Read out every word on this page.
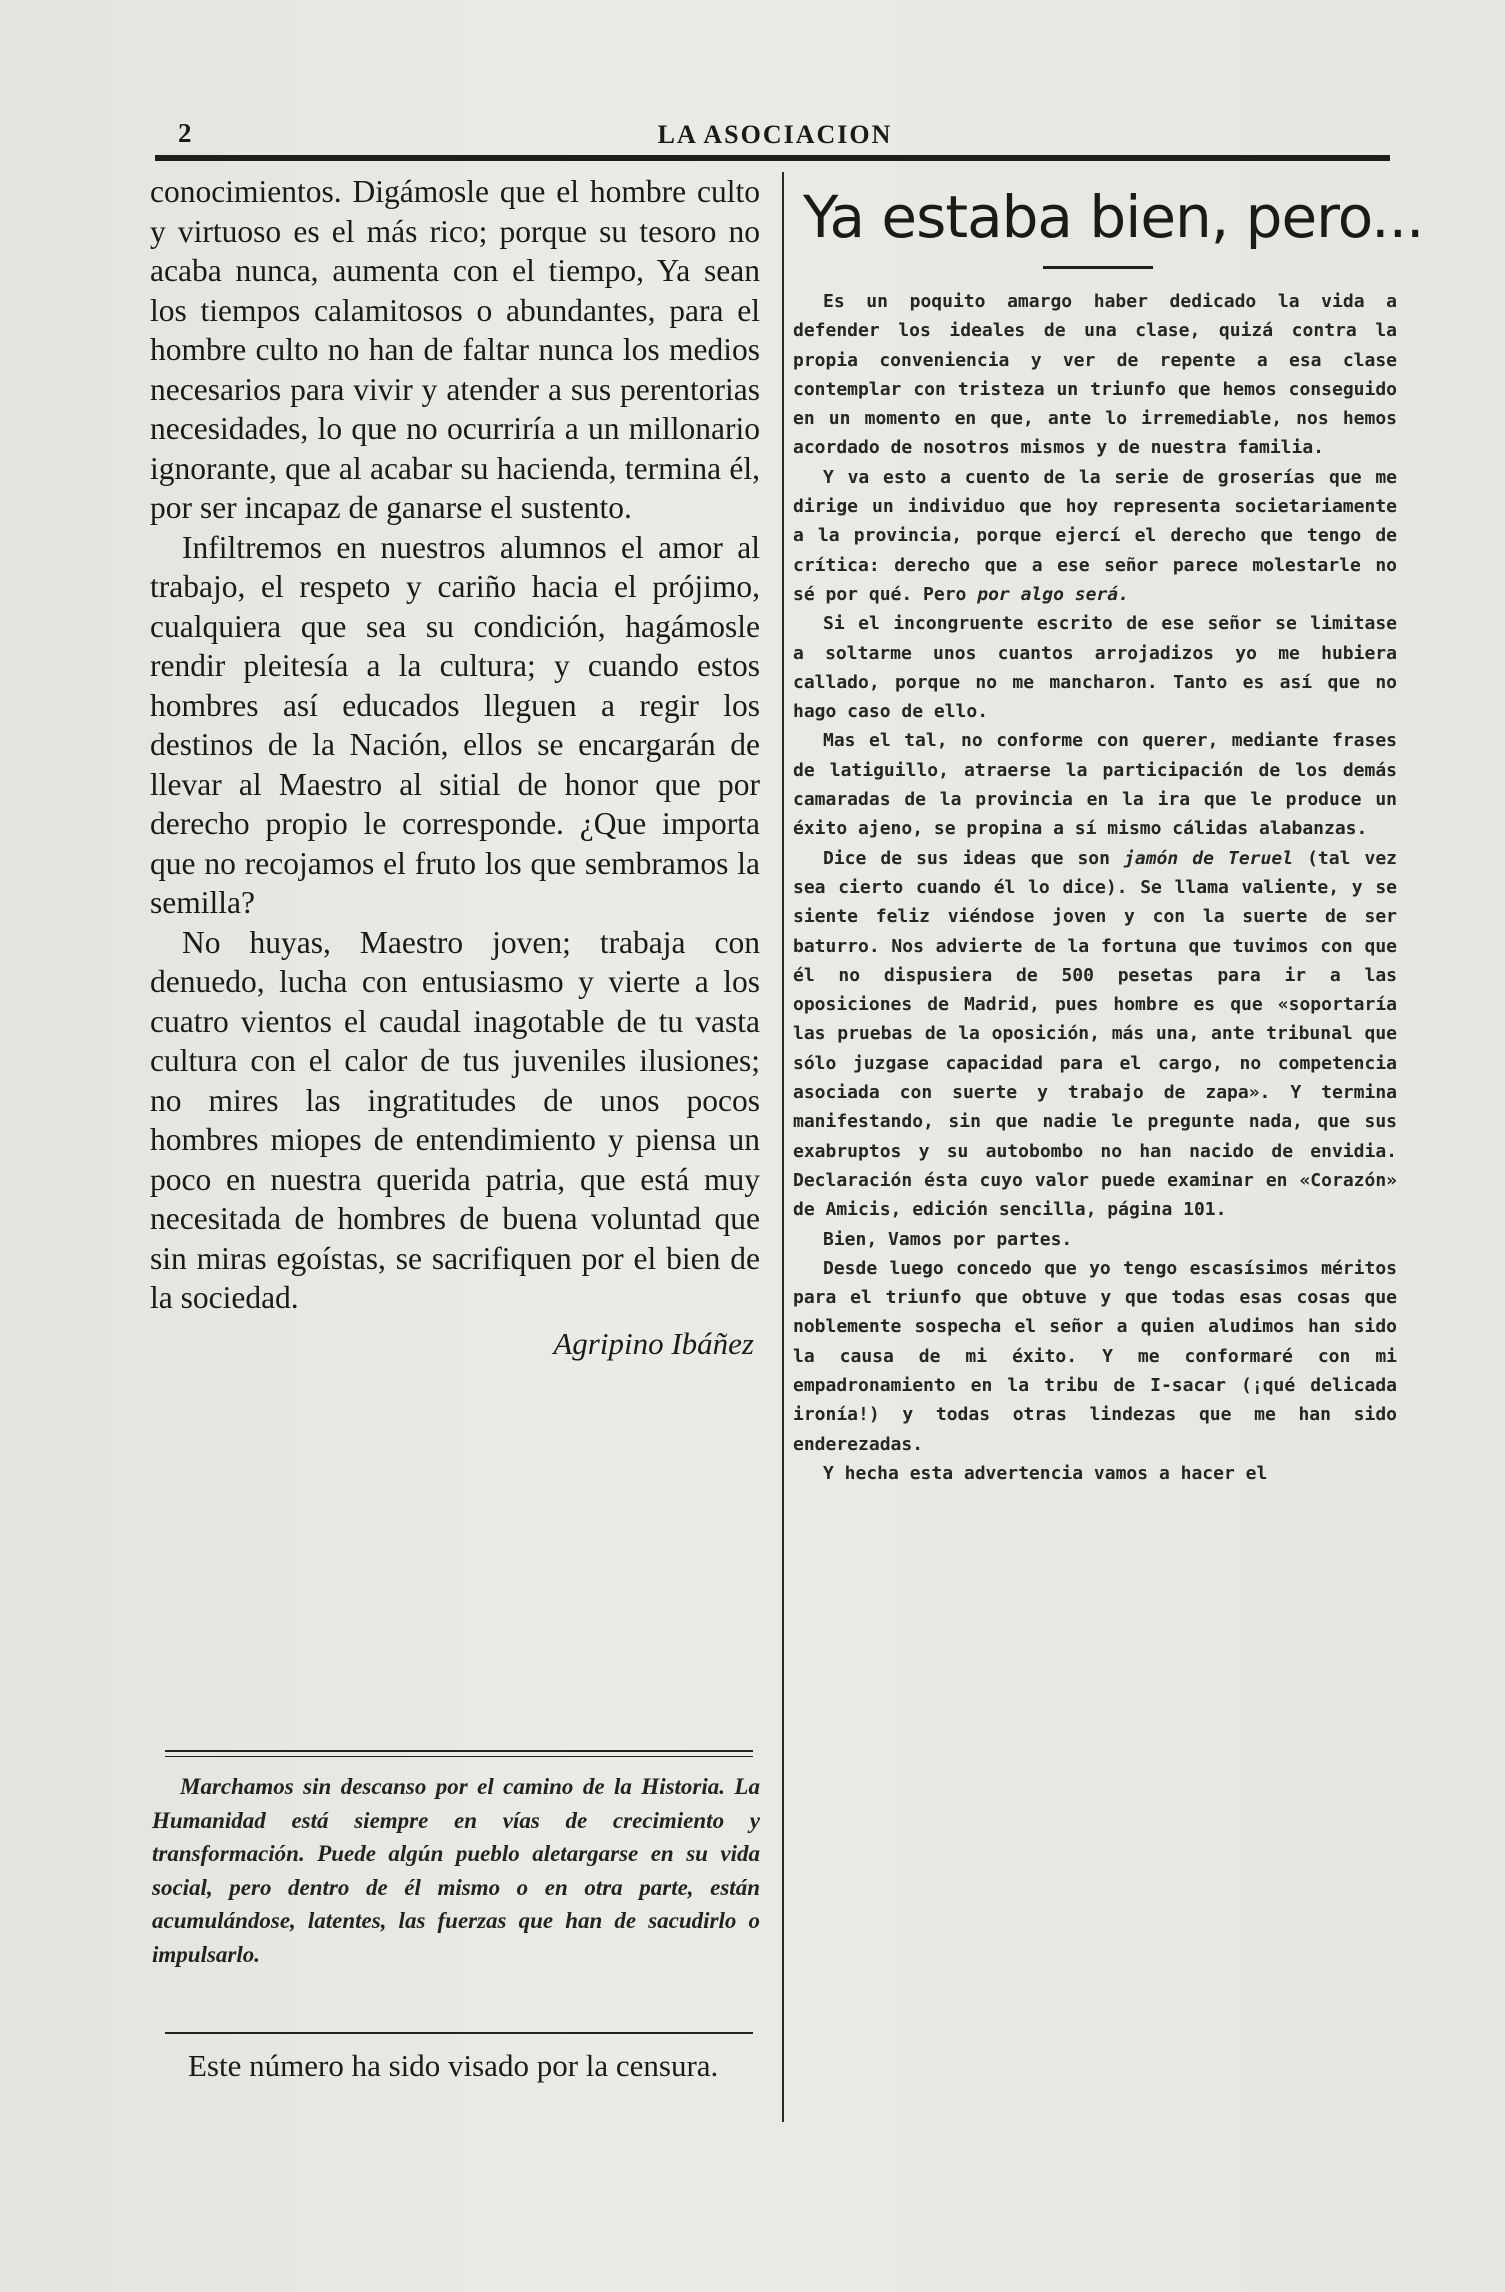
2	LA ASOCIACION

conocimientos. Digámosle que el hombre culto y virtuoso es el más rico; porque su tesoro no acaba nunca, aumenta con el tiempo, Ya sean los tiempos calamitosos o abundantes, para el hombre culto no han de faltar nunca los medios necesarios para vivir y atender a sus perentorias necesidades, lo que no ocurriría a un millonario ignorante, que al acabar su hacienda, termina él, por ser incapaz de ganarse el sustento.

Infiltremos en nuestros alumnos el amor al trabajo, el respeto y cariño hacia el prójimo, cualquiera que sea su condición, hagámosle rendir pleitesía a la cultura; y cuando estos hombres así educados lleguen a regir los destinos de la Nación, ellos se encargarán de llevar al Maestro al sitial de honor que por derecho propio le corresponde. ¿Que importa que no recojamos el fruto los que sembramos la semilla?

No huyas, Maestro joven; trabaja con denuedo, lucha con entusiasmo y vierte a los cuatro vientos el caudal inagotable de tu vasta cultura con el calor de tus juveniles ilusiones; no mires las ingratitudes de unos pocos hombres miopes de entendimiento y piensa un poco en nuestra querida patria, que está muy necesitada de hombres de buena voluntad que sin miras egoístas, se sacrifiquen por el bien de la sociedad.

Agripino Ibáñez
Marchamos sin descanso por el camino de la Historia. La Humanidad está siempre en vías de crecimiento y transformación. Puede algún pueblo aletargarse en su vida social, pero dentro de él mismo o en otra parte, están acumulándose, latentes, las fuerzas que han de sacudirlo o impulsarlo.
Este número ha sido visado por la censura.
Ya estaba bien, pero...

Es un poquito amargo haber dedicado la vida a defender los ideales de una clase, quizá contra la propia conveniencia y ver de repente a esa clase contemplar con tristeza un triunfo que hemos conseguido en un momento en que, ante lo irremediable, nos hemos acordado de nosotros mismos y de nuestra familia.

Y va esto a cuento de la serie de groserías que me dirige un individuo que hoy representa societariamente a la provincia, porque ejercí el derecho que tengo de crítica: derecho que a ese señor parece molestarle no sé por qué. Pero por algo será.

Si el incongruente escrito de ese señor se limitase a soltarme unos cuantos arrojadizos yo me hubiera callado, porque no me mancharon. Tanto es así que no hago caso de ello.

Mas el tal, no conforme con querer, mediante frases de latiguillo, atraerse la participación de los demás camaradas de la provincia en la ira que le produce un éxito ajeno, se propina a sí mismo cálidas alabanzas.

Dice de sus ideas que son jamón de Teruel (tal vez sea cierto cuando él lo dice). Se llama valiente, y se siente feliz viéndose joven y con la suerte de ser baturro. Nos advierte de la fortuna que tuvimos con que él no dispusiera de 500 pesetas para ir a las oposiciones de Madrid, pues hombre es que «soportaría las pruebas de la oposición, más una, ante tribunal que sólo juzgase capacidad para el cargo, no competencia asociada con suerte y trabajo de zapa». Y termina manifestando, sin que nadie le pregunte nada, que sus exabruptos y su autobombo no han nacido de envidia. Declaración ésta cuyo valor puede examinar en «Corazón» de Amicis, edición sencilla, página 101.

Bien, Vamos por partes.

Desde luego concedo que yo tengo escasísimos méritos para el triunfo que obtuve y que todas esas cosas que noblemente sospecha el señor a quien aludimos han sido la causa de mi éxito. Y me conformaré con mi empadronamiento en la tribu de I-sacar (¡qué delicada ironía!) y todas otras lindezas que me han sido enderezadas.

Y hecha esta advertencia vamos a hacer el
